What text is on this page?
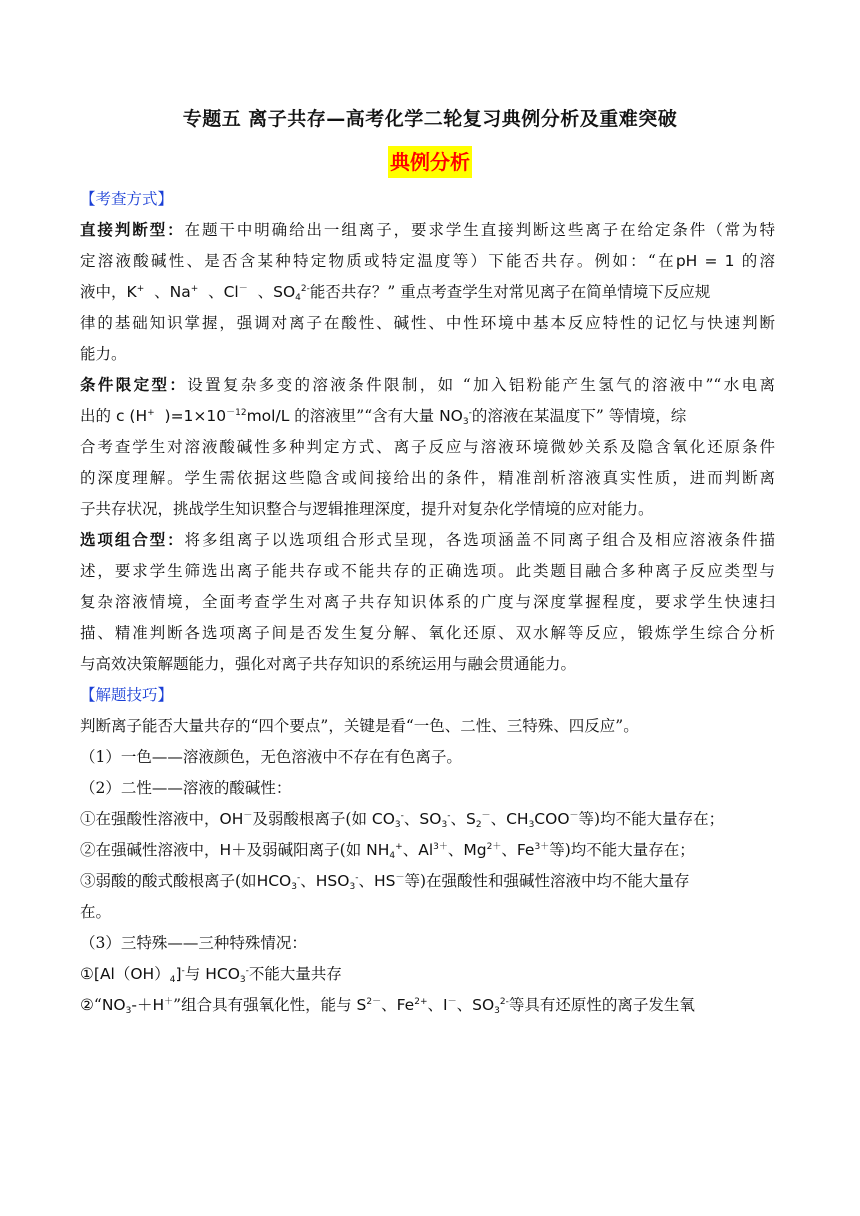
专题五 离子共存—高考化学二轮复习典例分析及重难突破
典例分析
【考查方式】
直接判断型：在题干中明确给出一组离子，要求学生直接判断这些离子在给定条件（常为特
定溶液酸碱性、是否含某种特定物质或特定温度等）下能否共存。例如：“在pH = 1 的溶
液中，K+  、Na+  、Cl－  、$SO_4^{2-}$能否共存？” 重点考查学生对常见离子在简单情境下反应规
律的基础知识掌握，强调对离子在酸性、碱性、中性环境中基本反应特性的记忆与快速判断
能力。
条件限定型：设置复杂多变的溶液条件限制，如 “加入铝粉能产生氢气的溶液中”“水电离
出的 c (H+ )$=1\times 10^{-12}mol/L$ 的溶液里”“含有大量 $NO_3^-$的溶液在某温度下” 等情境，综
合考查学生对溶液酸碱性多种判定方式、离子反应与溶液环境微妙关系及隐含氧化还原条件
的深度理解。学生需依据这些隐含或间接给出的条件，精准剖析溶液真实性质，进而判断离
子共存状况，挑战学生知识整合与逻辑推理深度，提升对复杂化学情境的应对能力。
选项组合型：将多组离子以选项组合形式呈现，各选项涵盖不同离子组合及相应溶液条件描
述，要求学生筛选出离子能共存或不能共存的正确选项。此类题目融合多种离子反应类型与
复杂溶液情境，全面考查学生对离子共存知识体系的广度与深度掌握程度，要求学生快速扫
描、精准判断各选项离子间是否发生复分解、氧化还原、双水解等反应，锻炼学生综合分析
与高效决策解题能力，强化对离子共存知识的系统运用与融会贯通能力。
【解题技巧】
判断离子能否大量共存的“四个要点”，关键是看“一色、二性、三特殊、四反应”。
（1）一色——溶液颜色，无色溶液中不存在有色离子。
（2）二性——溶液的酸碱性：
①在强酸性溶液中，OH－及弱酸根离子(如 $CO_3^-$、$SO_3^-$、$S_2^-$、$CH_3COO^-$等)均不能大量存在；
②在强碱性溶液中，H＋及弱碱阳离子(如 $NH_4^+$、$Al^{3+}$、$Mg^{2+}$、$Fe^{3+}$等)均不能大量存在；
③弱酸的酸式酸根离子(如$HCO_3^-$、$HSO_3^-$、HS－等)在强酸性和强碱性溶液中均不能大量存
在。
（3）三特殊——三种特殊情况：
$①[Al(OH)_4]^-$与 $HCO_3^-$不能大量共存
$②“NO_3-+H^+$”组合具有强氧化性，能与 $S^{2-}$、$Fe^{2+}$、I－、$SO_3^{2-}$等具有还原性的离子发生氧
